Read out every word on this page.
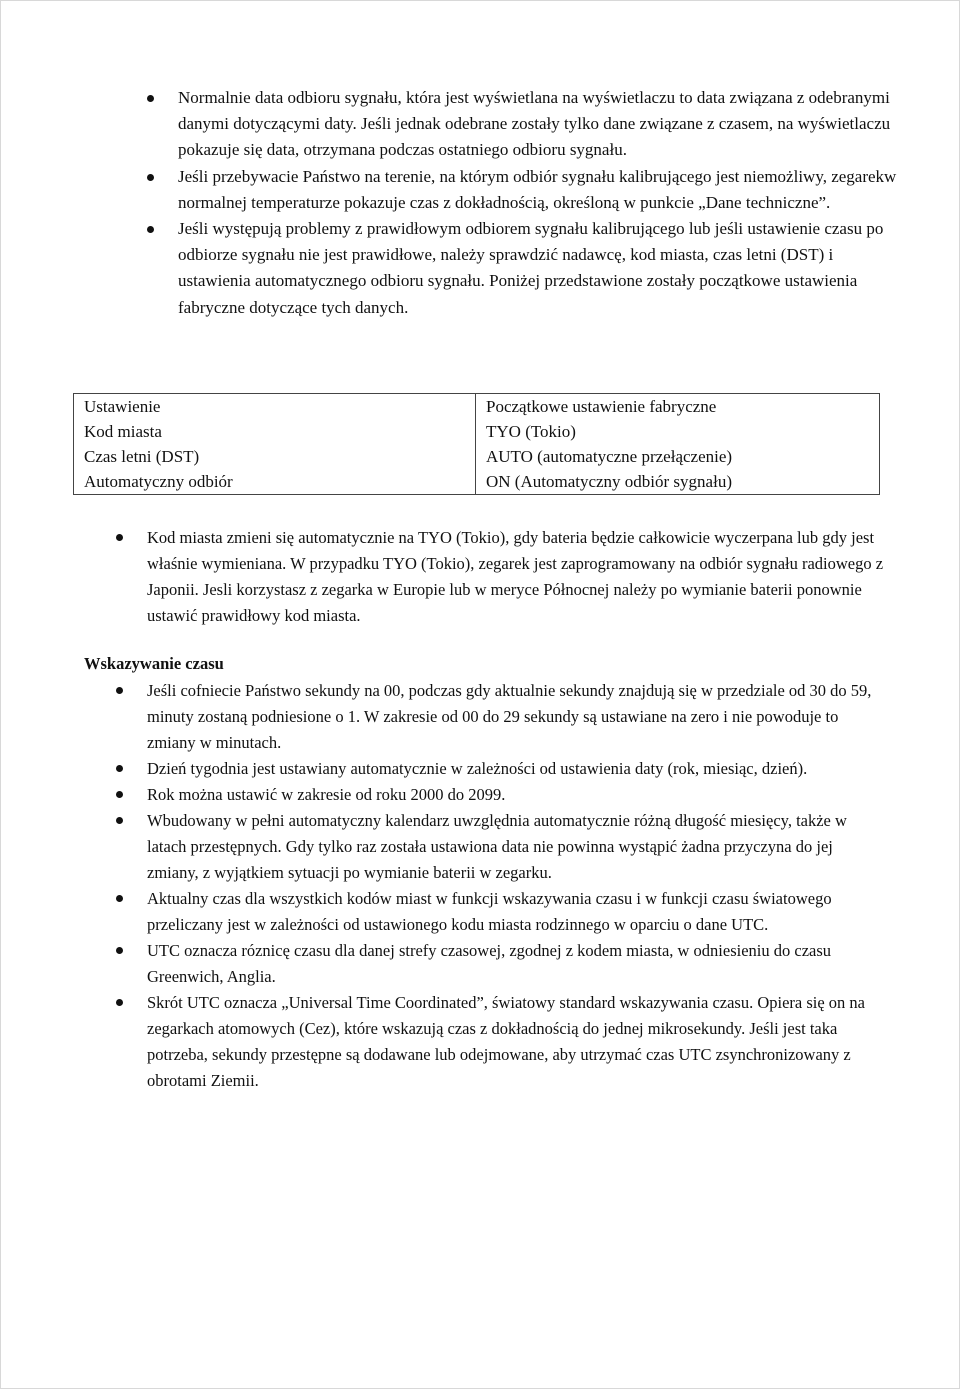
Normalnie data odbioru sygnału, która jest wyświetlana na wyświetlaczu to data związana z odebranymi danymi dotyczącymi daty. Jeśli jednak odebrane zostały tylko dane związane z czasem, na wyświetlaczu pokazuje się data, otrzymana podczas ostatniego odbioru sygnału.
Jeśli przebywacie Państwo na terenie, na którym odbiór sygnału kalibrującego jest niemożliwy, zegarekw normalnej temperaturze pokazuje czas z dokładnością, określoną w punkcie „Dane techniczne”.
Jeśli występują problemy z prawidłowym odbiorem sygnału kalibrującego lub jeśli ustawienie czasu po odbiorze sygnału nie jest prawidłowe, należy sprawdzić nadawcę, kod miasta, czas letni (DST) i ustawienia automatycznego odbioru sygnału. Poniżej przedstawione zostały początkowe ustawienia fabryczne dotyczące tych danych.
Ustawienie	Początkowe ustawienie fabryczne
Kod miasta	TYO (Tokio)
Czas letni (DST)	AUTO (automatyczne przełączenie)
Automatyczny odbiór	ON (Automatyczny odbiór sygnału)
Kod miasta zmieni się automatycznie na TYO (Tokio), gdy bateria będzie całkowicie wyczerpana lub gdy jest właśnie wymieniana. W przypadku TYO (Tokio), zegarek jest zaprogramowany na odbiór sygnału radiowego z Japonii. Jesli korzystasz z zegarka w Europie lub w meryce Północnej należy po wymianie baterii ponownie ustawić prawidłowy kod miasta.
Wskazywanie czasu
Jeśli cofniecie Państwo sekundy na 00, podczas gdy aktualnie sekundy znajdują się w przedziale od 30 do 59, minuty zostaną podniesione o 1. W zakresie od 00 do 29 sekundy są ustawiane na zero i nie powoduje to zmiany w minutach.
Dzień tygodnia jest ustawiany automatycznie w zależności od ustawienia daty (rok, miesiąc, dzień).
Rok można ustawić w zakresie od roku 2000 do 2099.
Wbudowany w pełni automatyczny kalendarz uwzględnia automatycznie różną długość miesięcy, także w latach przestępnych. Gdy tylko raz została ustawiona data nie powinna wystąpić żadna przyczyna do jej zmiany, z wyjątkiem sytuacji po wymianie baterii w zegarku.
Aktualny czas dla wszystkich kodów miast w funkcji wskazywania czasu i w funkcji czasu światowego przeliczany jest w zależności od ustawionego kodu miasta rodzinnego w oparciu o dane UTC.
UTC oznacza róznicę czasu dla danej strefy czasowej, zgodnej z kodem miasta, w odniesieniu do czasu Greenwich, Anglia.
Skrót UTC oznacza „Universal Time Coordinated”, światowy standard wskazywania czasu. Opiera się on na zegarkach atomowych (Cez), które wskazują czas z dokładnością do jednej mikrosekundy. Jeśli jest taka potrzeba, sekundy przestępne są dodawane lub odejmowane, aby utrzymać czas UTC zsynchronizowany z obrotami Ziemii.
